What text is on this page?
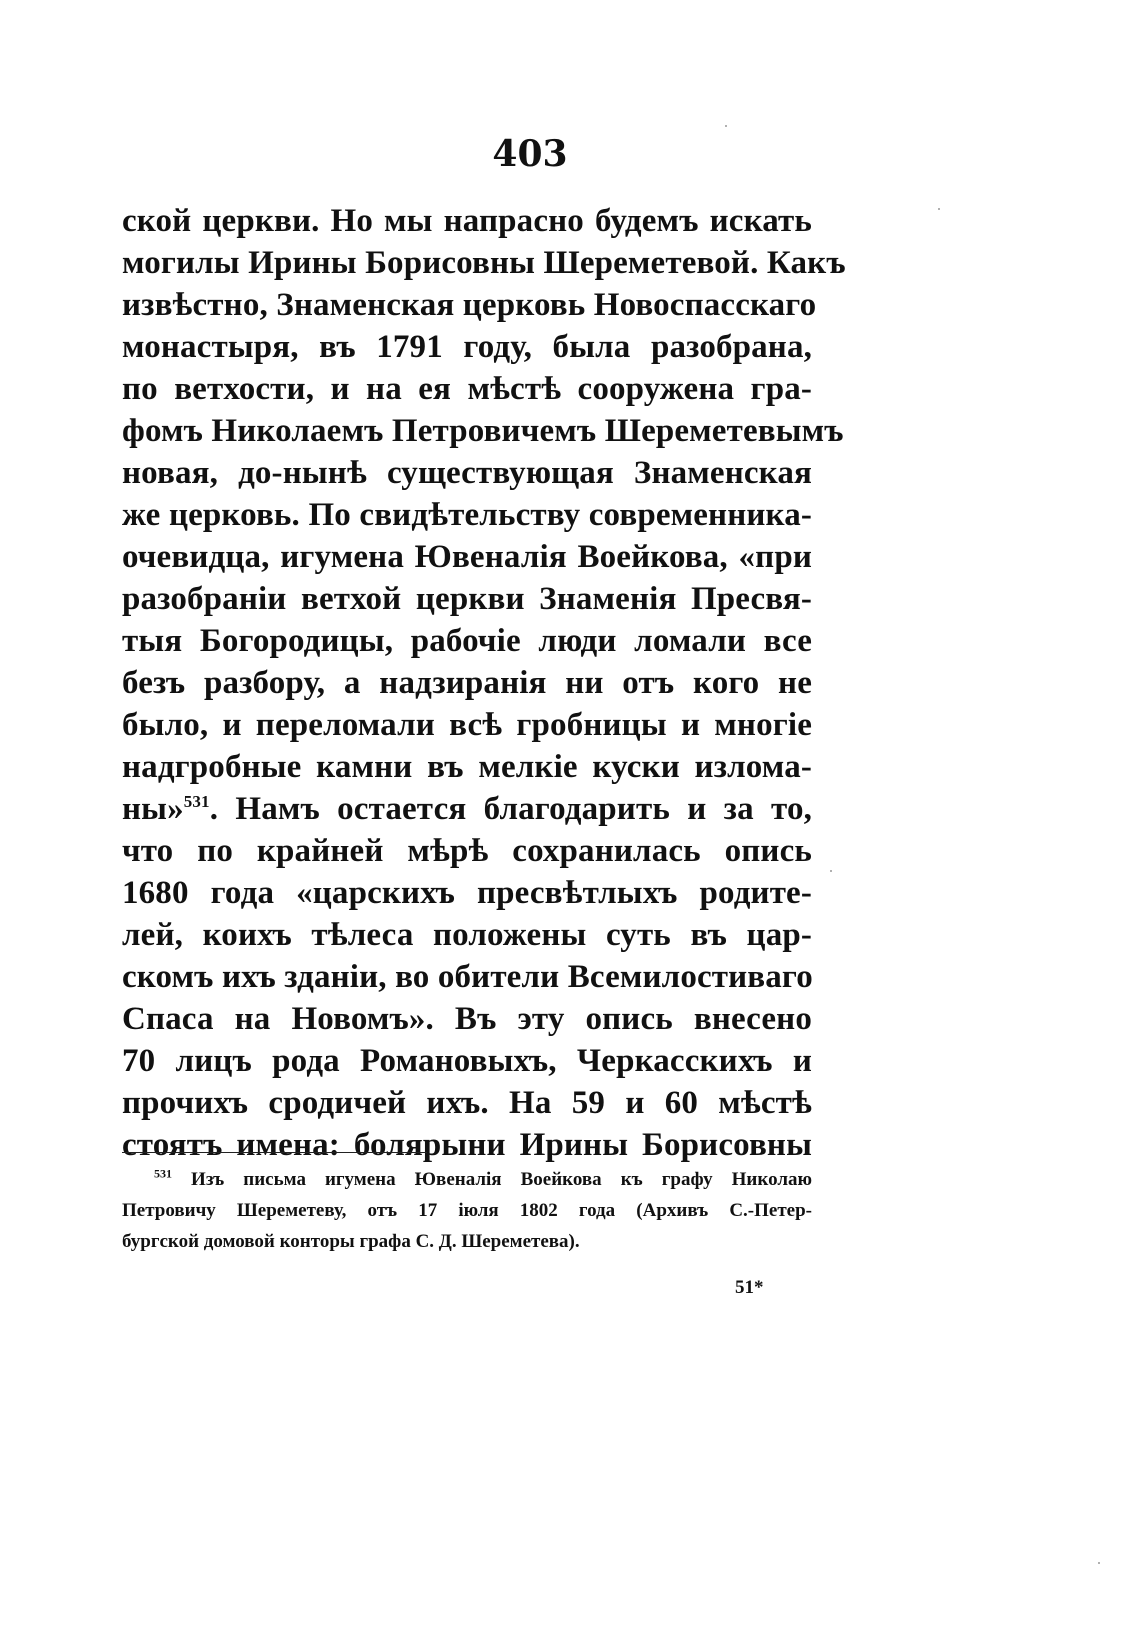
403
ской церкви. Но мы напрасно будемъ искать
могилы Ирины Борисовны Шереметевой. Какъ
извѣстно, Знаменская церковь Новоспасскаго
монастыря, въ 1791 году, была разобрана,
по ветхости, и на ея мѣстѣ сооружена гра-
фомъ Николаемъ Петровичемъ Шереметевымъ
новая, до-нынѣ существующая Знаменская
же церковь. По свидѣтельству современника-
очевидца, игумена Ювеналія Воейкова, «при
разобраніи ветхой церкви Знаменія Пресвя-
тыя Богородицы, рабочіе люди ломали все
безъ разбору, а надзиранія ни отъ кого не
было, и переломали всѣ гробницы и многіе
надгробные камни въ мелкіе куски излома-
ны»$^{531}$. Намъ остается благодарить и за то,
что по крайней мѣрѣ сохранилась опись
1680 года «царскихъ пресвѣтлыхъ родите-
лей, коихъ тѣлеса положены суть въ цар-
скомъ ихъ зданіи, во обители Всемилостиваго
Спаса на Новомъ». Въ эту опись внесено
70 лицъ рода Романовыхъ, Черкасскихъ и
прочихъ сродичей ихъ. На 59 и 60 мѣстѣ
стоятъ имена: болярыни Ирины Борисовны
$^{531}$ Изъ письма игумена Ювеналія Воейкова къ графу Николаю
Петровичу Шереметеву, отъ 17 іюля 1802 года (Архивъ С.-Петер-
бургской домовой конторы графа С. Д. Шереметева).
51*
